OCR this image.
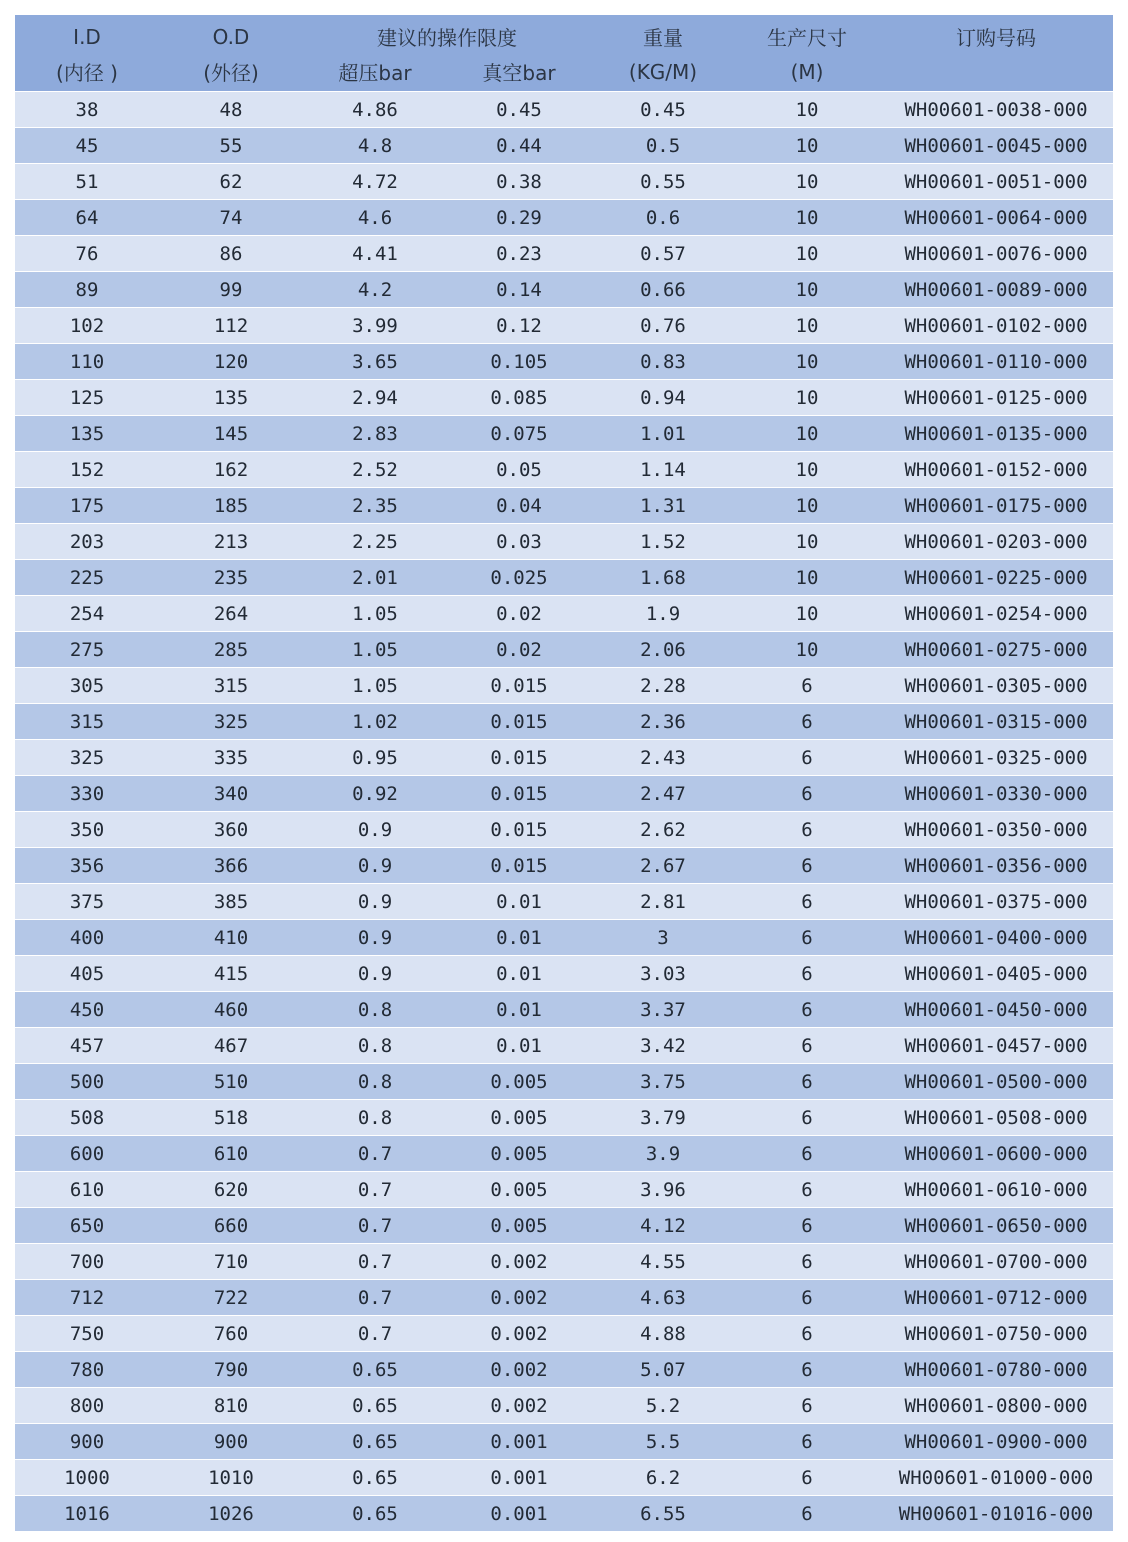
I.D	O.D	建议的操作限度		重量	生产尺寸	订购号码
(内径 )	(外径)	超压bar	真空bar	(KG/M)	(M)	
38	48	4.86	0.45	0.45	10	WH00601-0038-000
45	55	4.8	0.44	0.5	10	WH00601-0045-000
51	62	4.72	0.38	0.55	10	WH00601-0051-000
64	74	4.6	0.29	0.6	10	WH00601-0064-000
76	86	4.41	0.23	0.57	10	WH00601-0076-000
89	99	4.2	0.14	0.66	10	WH00601-0089-000
102	112	3.99	0.12	0.76	10	WH00601-0102-000
110	120	3.65	0.105	0.83	10	WH00601-0110-000
125	135	2.94	0.085	0.94	10	WH00601-0125-000
135	145	2.83	0.075	1.01	10	WH00601-0135-000
152	162	2.52	0.05	1.14	10	WH00601-0152-000
175	185	2.35	0.04	1.31	10	WH00601-0175-000
203	213	2.25	0.03	1.52	10	WH00601-0203-000
225	235	2.01	0.025	1.68	10	WH00601-0225-000
254	264	1.05	0.02	1.9	10	WH00601-0254-000
275	285	1.05	0.02	2.06	10	WH00601-0275-000
305	315	1.05	0.015	2.28	6	WH00601-0305-000
315	325	1.02	0.015	2.36	6	WH00601-0315-000
325	335	0.95	0.015	2.43	6	WH00601-0325-000
330	340	0.92	0.015	2.47	6	WH00601-0330-000
350	360	0.9	0.015	2.62	6	WH00601-0350-000
356	366	0.9	0.015	2.67	6	WH00601-0356-000
375	385	0.9	0.01	2.81	6	WH00601-0375-000
400	410	0.9	0.01	3	6	WH00601-0400-000
405	415	0.9	0.01	3.03	6	WH00601-0405-000
450	460	0.8	0.01	3.37	6	WH00601-0450-000
457	467	0.8	0.01	3.42	6	WH00601-0457-000
500	510	0.8	0.005	3.75	6	WH00601-0500-000
508	518	0.8	0.005	3.79	6	WH00601-0508-000
600	610	0.7	0.005	3.9	6	WH00601-0600-000
610	620	0.7	0.005	3.96	6	WH00601-0610-000
650	660	0.7	0.005	4.12	6	WH00601-0650-000
700	710	0.7	0.002	4.55	6	WH00601-0700-000
712	722	0.7	0.002	4.63	6	WH00601-0712-000
750	760	0.7	0.002	4.88	6	WH00601-0750-000
780	790	0.65	0.002	5.07	6	WH00601-0780-000
800	810	0.65	0.002	5.2	6	WH00601-0800-000
900	900	0.65	0.001	5.5	6	WH00601-0900-000
1000	1010	0.65	0.001	6.2	6	WH00601-01000-000
1016	1026	0.65	0.001	6.55	6	WH00601-01016-000
